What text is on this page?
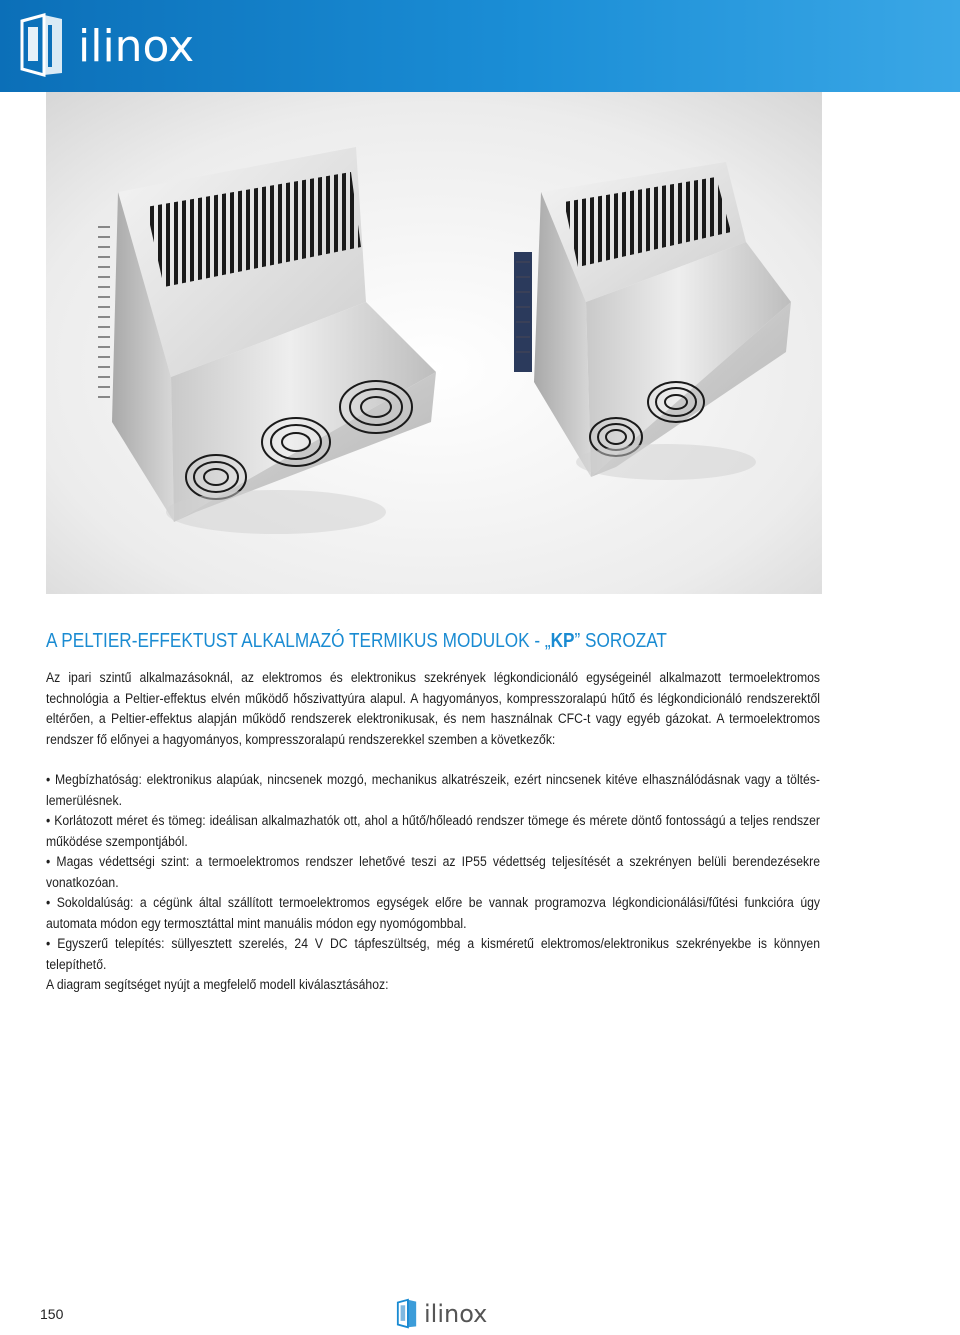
ilinox
A PELTIER-EFFEKTUST ALKALMAZÓ TERMIKUS MODULOK - „KP” SOROZAT

Az ipari szintű alkalmazásoknál, az elektromos és elektronikus szekrények légkondicionáló egységeinél alkalmazott termoelektromos technológia a Peltier-effektus elvén működő hőszivattyúra alapul. A hagyományos, kompresszoralapú hűtő és légkondicionáló rendszerektől eltérően, a Peltier-effektus alapján működő rendszerek elektronikusak, és nem használnak CFC-t vagy egyéb gázokat. A termoelektromos rendszer fő előnyei a hagyományos, kompresszoralapú rendszerekkel szemben a következők:

• Megbízhatóság: elektronikus alapúak, nincsenek mozgó, mechanikus alkatrészeik, ezért nincsenek kitéve elhasználódásnak vagy a töltés-lemerülésnek.

• Korlátozott méret és tömeg: ideálisan alkalmazhatók ott, ahol a hűtő/hőleadó rendszer tömege és mérete döntő fontosságú a teljes rendszer működése szempontjából.

• Magas védettségi szint: a termoelektromos rendszer lehetővé teszi az IP55 védettség teljesítését a szekrényen belüli berendezésekre vonatkozóan.

• Sokoldalúság: a cégünk által szállított termoelektromos egységek előre be vannak programozva légkondicionálási/fűtési funkcióra úgy automata módon egy termosztáttal mint manuális módon egy nyomógombbal.

• Egyszerű telepítés: süllyesztett szerelés, 24 V DC tápfeszültség, még a kisméretű elektromos/elektronikus szekrényekbe is könnyen telepíthető.

A diagram segítséget nyújt a megfelelő modell kiválasztásához:

150	ilinox
